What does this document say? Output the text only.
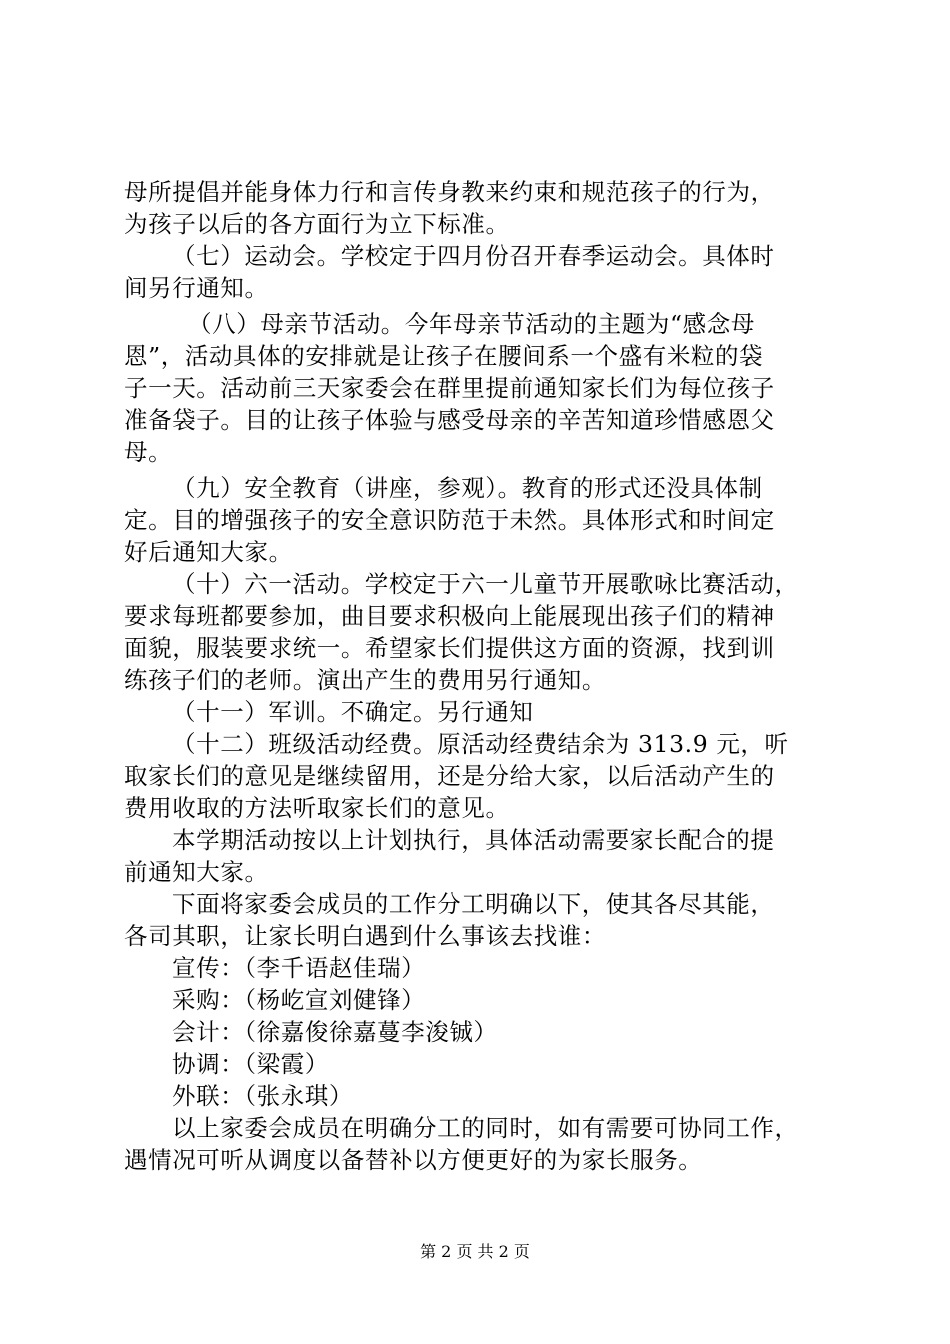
母所提倡并能身体力行和言传身教来约束和规范孩子的行为，
为孩子以后的各方面行为立下标准。

（七）运动会。学校定于四月份召开春季运动会。具体时
间另行通知。

（八）母亲节活动。今年母亲节活动的主题为“感念母
恩”，活动具体的安排就是让孩子在腰间系一个盛有米粒的袋
子一天。活动前三天家委会在群里提前通知家长们为每位孩子
准备袋子。目的让孩子体验与感受母亲的辛苦知道珍惜感恩父
母。

（九）安全教育（讲座，参观）。教育的形式还没具体制
定。目的增强孩子的安全意识防范于未然。具体形式和时间定
好后通知大家。

（十）六一活动。学校定于六一儿童节开展歌咏比赛活动，
要求每班都要参加，曲目要求积极向上能展现出孩子们的精神
面貌，服装要求统一。希望家长们提供这方面的资源，找到训
练孩子们的老师。演出产生的费用另行通知。

（十一）军训。不确定。另行通知

（十二）班级活动经费。原活动经费结余为 313.9 元，听
取家长们的意见是继续留用，还是分给大家，以后活动产生的
费用收取的方法听取家长们的意见。

本学期活动按以上计划执行，具体活动需要家长配合的提
前通知大家。

下面将家委会成员的工作分工明确以下，使其各尽其能，
各司其职，让家长明白遇到什么事该去找谁：

宣传：（李千语赵佳瑞）
采购：（杨屹宣刘健锋）
会计：（徐嘉俊徐嘉蔓李浚铖）
协调：（梁霞）
外联：（张永琪）

以上家委会成员在明确分工的同时，如有需要可协同工作，
遇情况可听从调度以备替补以方便更好的为家长服务。

第 2 页 共 2 页
